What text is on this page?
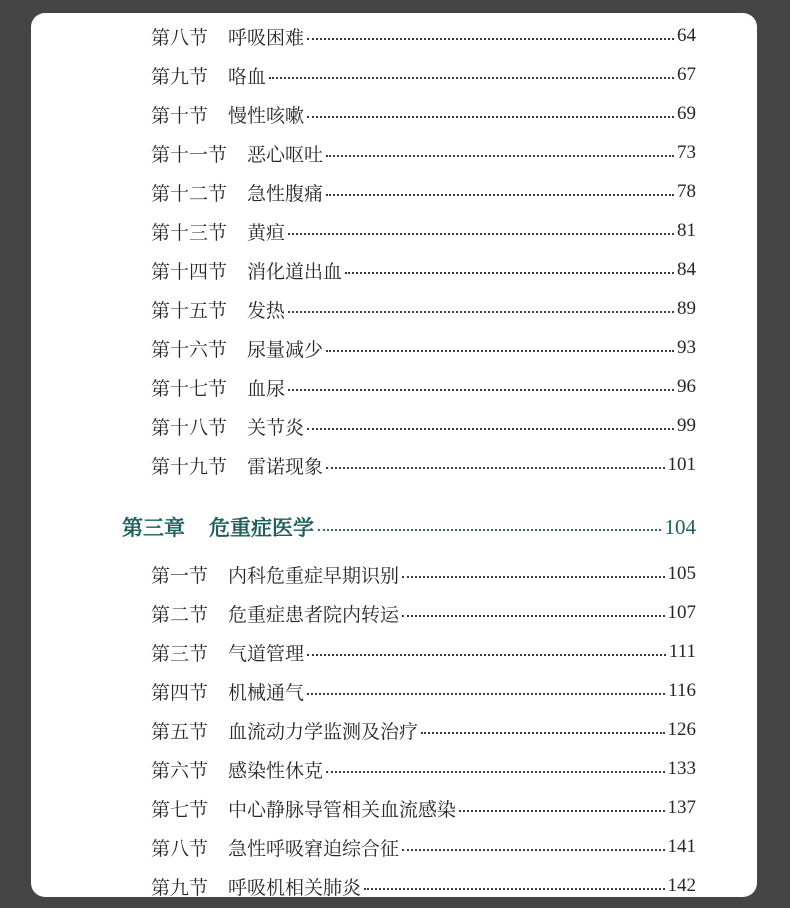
第八节 呼吸困难	64
第九节 咯血	67
第十节 慢性咳嗽	69
第十一节 恶心呕吐	73
第十二节 急性腹痛	78
第十三节 黄疸	81
第十四节 消化道出血	84
第十五节 发热	89
第十六节 尿量减少	93
第十七节 血尿	96
第十八节 关节炎	99
第十九节 雷诺现象	101
第三章 危重症医学	104
第一节 内科危重症早期识别	105
第二节 危重症患者院内转运	107
第三节 气道管理	111
第四节 机械通气	116
第五节 血流动力学监测及治疗	126
第六节 感染性休克	133
第七节 中心静脉导管相关血流感染	137
第八节 急性呼吸窘迫综合征	141
第九节 呼吸机相关肺炎	142
